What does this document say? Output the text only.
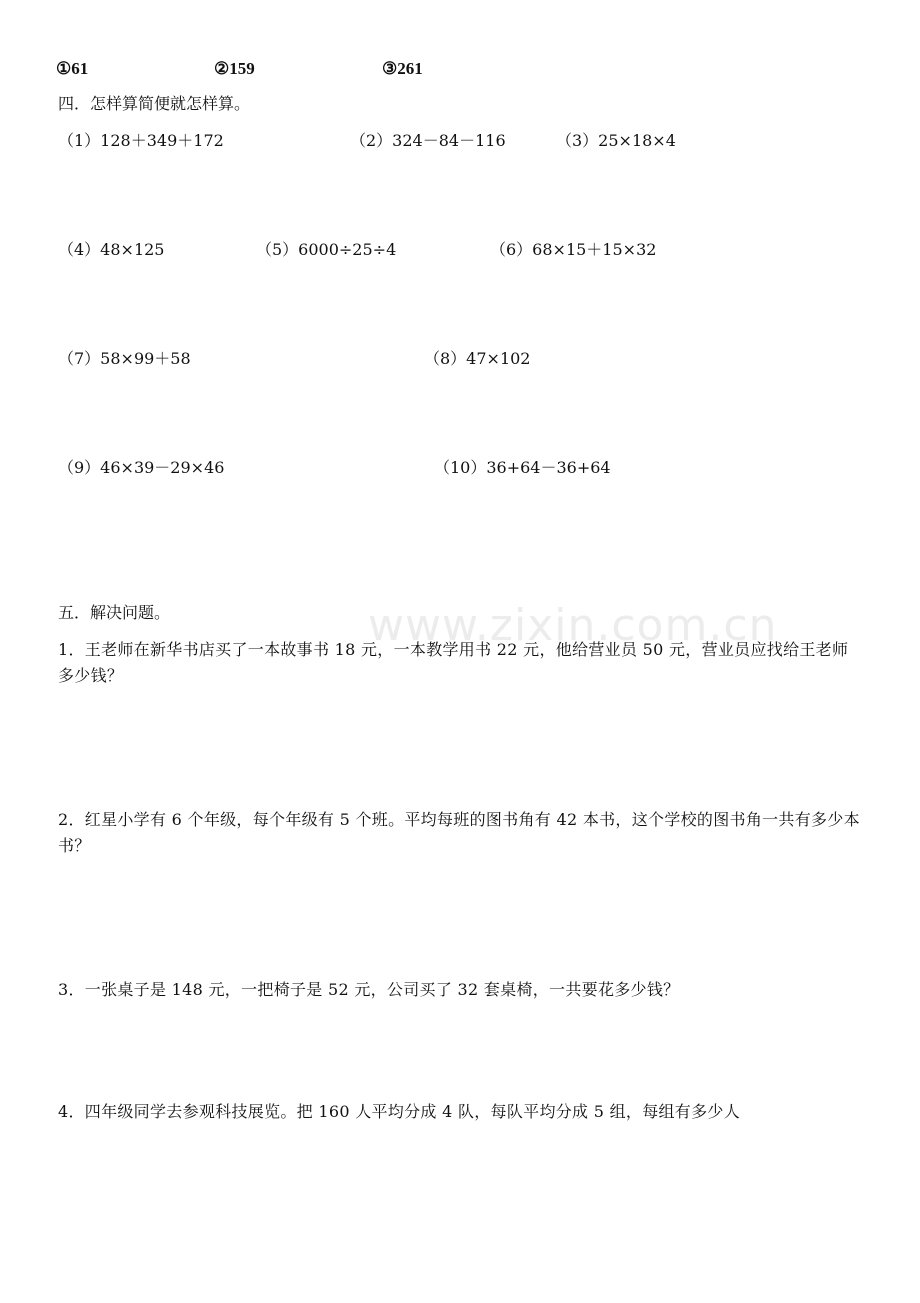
www.zixin.com.cn
①61	②159	③261
四．怎样算简便就怎样算。
（1）128＋349＋172	（2）324－84－116	（3）25×18×4
（4）48×125	（5）6000÷25÷4	（6）68×15＋15×32
（7）58×99＋58	（8）47×102
（9）46×39－29×46	（10）36+64－36+64
五．解决问题。
1．王老师在新华书店买了一本故事书 18 元，一本教学用书 22 元，他给营业员 50 元，营业员应找给王老师多少钱？
2．红星小学有 6 个年级，每个年级有 5 个班。平均每班的图书角有 42 本书，这个学校的图书角一共有多少本书？
3．一张桌子是 148 元，一把椅子是 52 元，公司买了 32 套桌椅，一共要花多少钱？
4．四年级同学去参观科技展览。把 160 人平均分成 4 队，每队平均分成 5 组，每组有多少人
